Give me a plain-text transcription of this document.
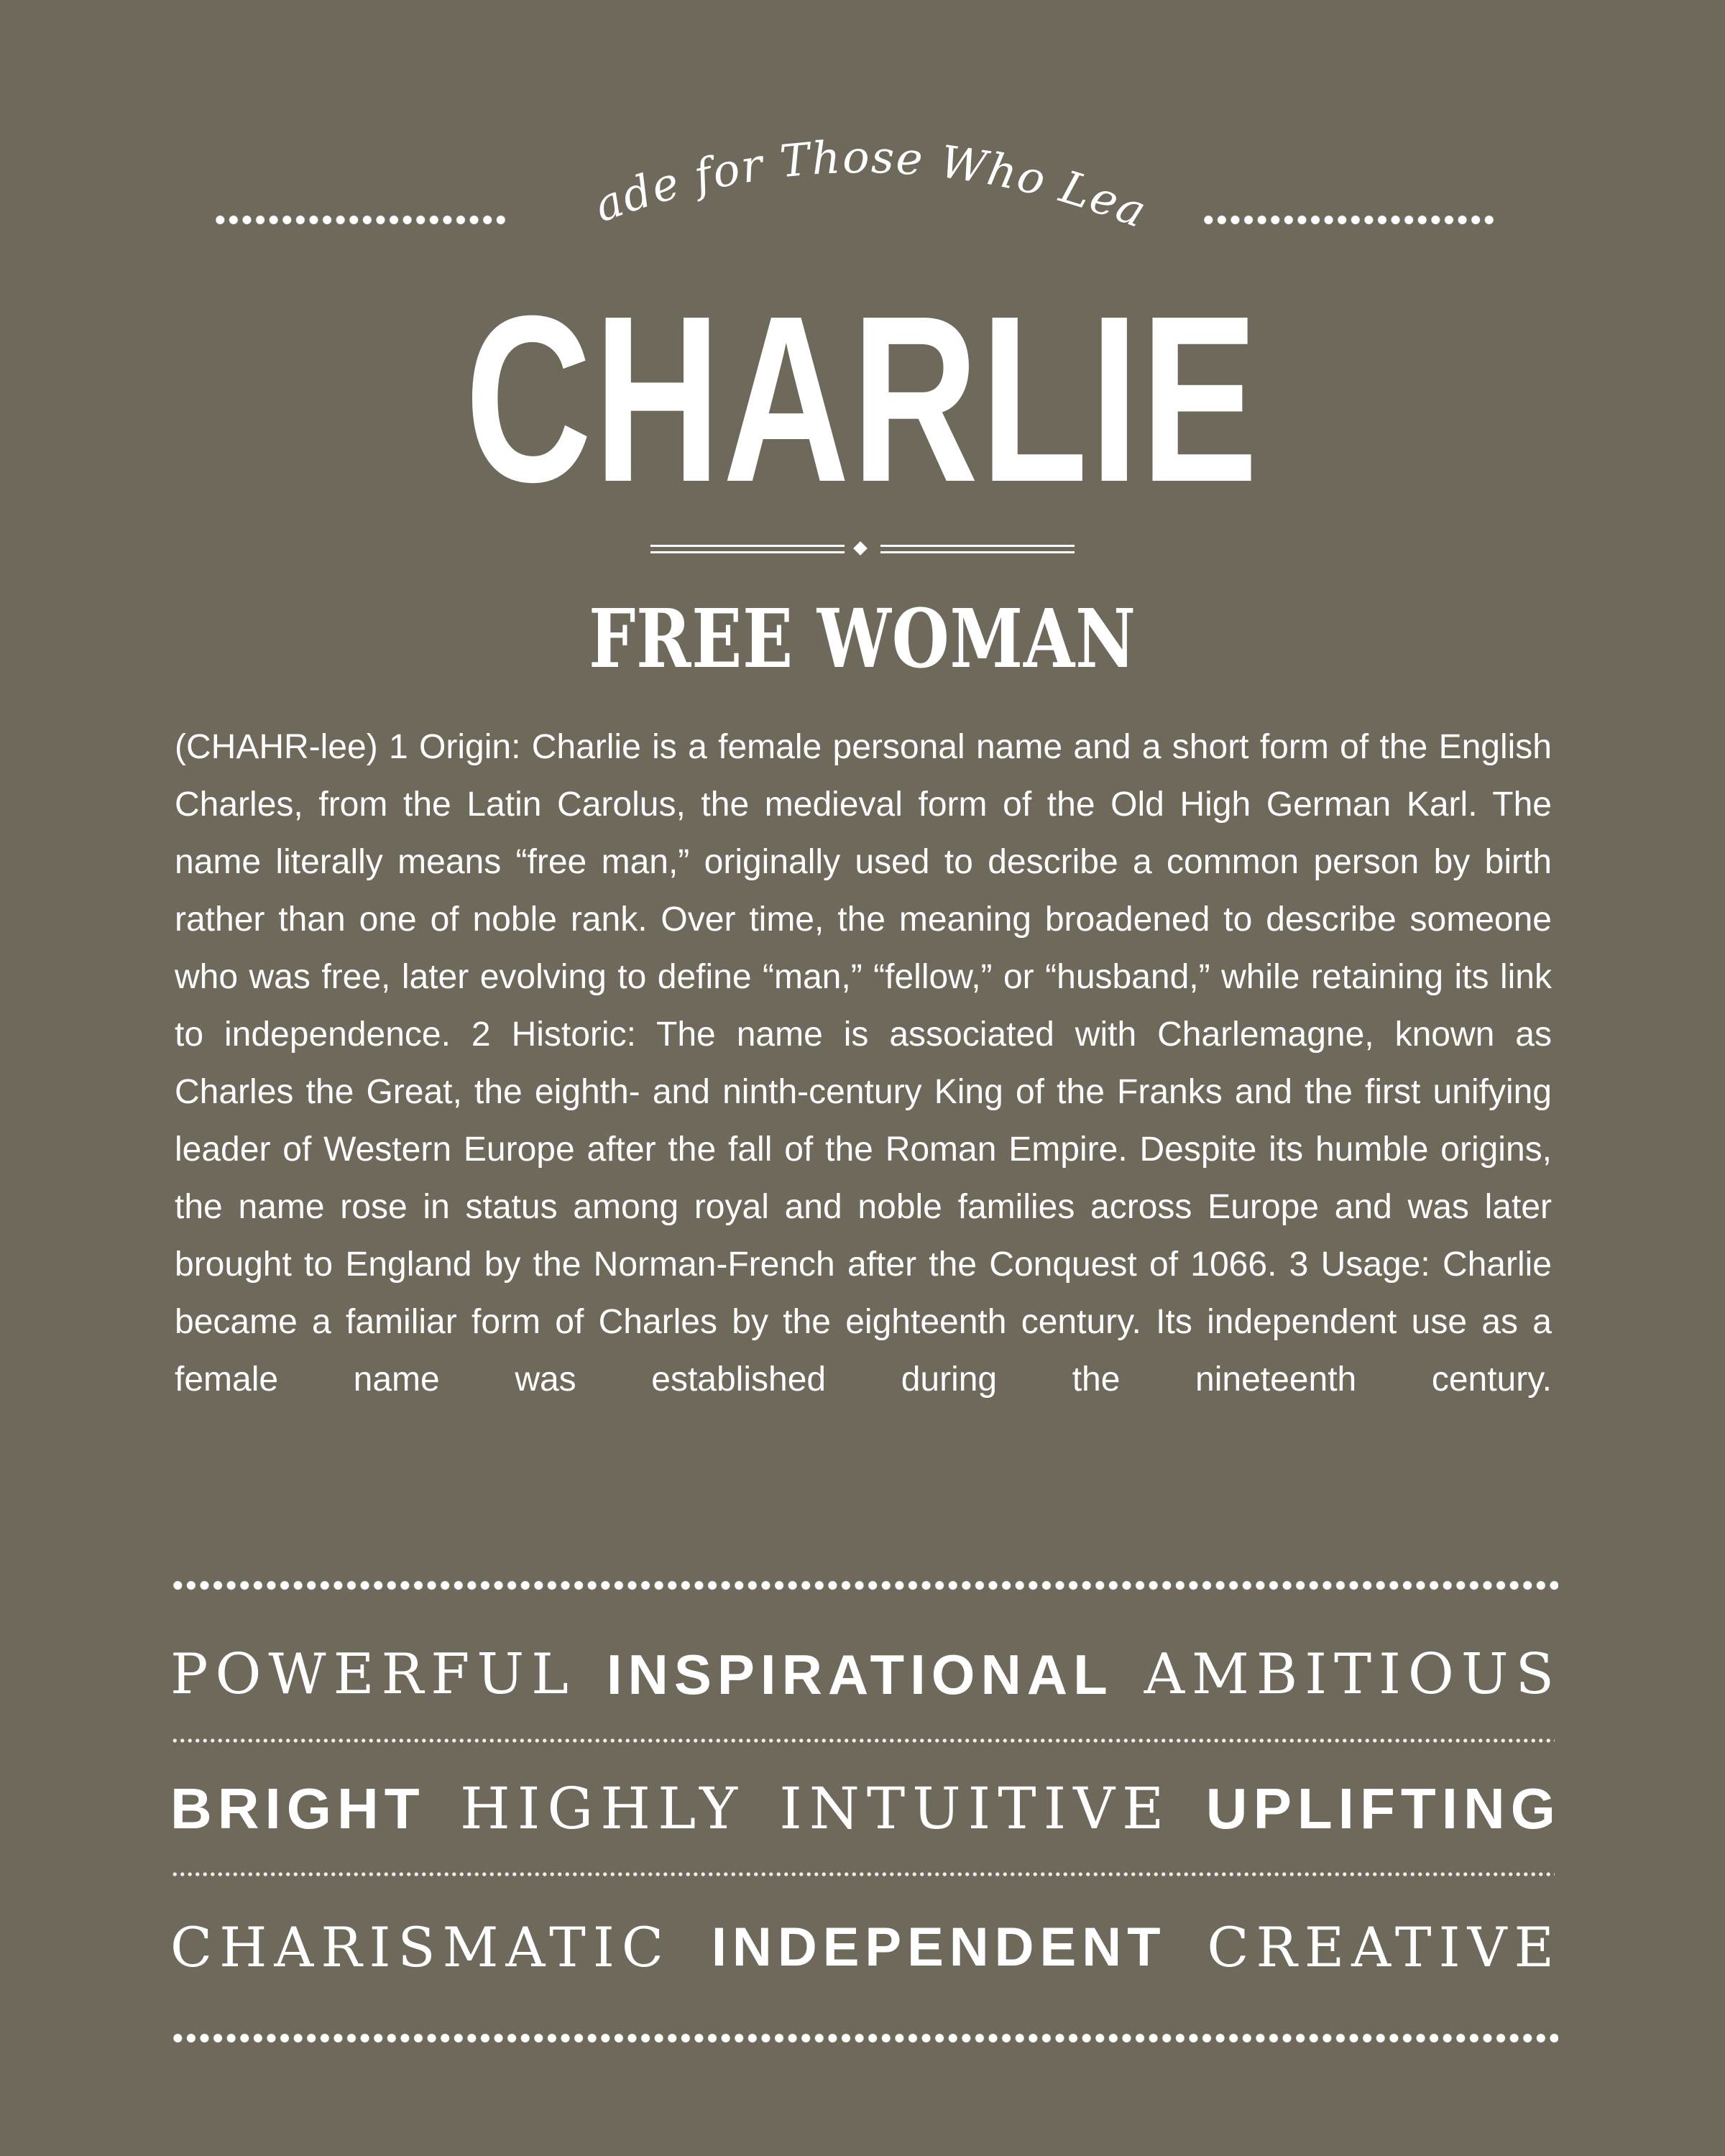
Made for Those Who Lead
CHARLIE
FREE WOMAN

(CHAHR-lee) 1 Origin: Charlie is a female personal name and a short form of the English Charles, from the Latin Carolus, the medieval form of the Old High German Karl. The name literally means “free man,” originally used to describe a common person by birth rather than one of noble rank. Over time, the meaning broadened to describe someone who was free, later evolving to define “man,” “fellow,” or “husband,” while retaining its link to independence. 2 Historic: The name is associated with Charlemagne, known as Charles the Great, the eighth- and ninth-century King of the Franks and the first unifying leader of Western Europe after the fall of the Roman Empire. Despite its humble origins, the name rose in status among royal and noble families across Europe and was later brought to England by the Norman-French after the Conquest of 1066. 3 Usage: Charlie became a familiar form of Charles by the eighteenth century. Its independent use as a female name was established during the nineteenth century.

POWERFUL INSPIRATIONAL AMBITIOUS
BRIGHT HIGHLY INTUITIVE UPLIFTING
CHARISMATIC INDEPENDENT CREATIVE
